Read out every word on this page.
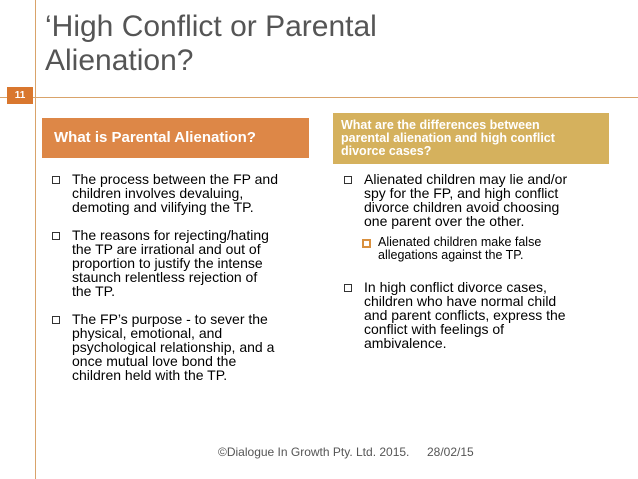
11
‘High Conflict or Parental
Alienation?
What is Parental Alienation?
What are the differences between
parental alienation and high conflict
divorce cases?
The process between the FP and
children involves devaluing,
demoting and vilifying the TP.
The reasons for rejecting/hating
the TP are irrational and out of
proportion to justify the intense
staunch relentless rejection of
the TP.
The FP’s purpose - to sever the
physical, emotional, and
psychological relationship, and a
once mutual love bond the
children held with the TP.
Alienated children may lie and/or
spy for the FP, and high conflict
divorce children avoid choosing
one parent over the other.
Alienated children make false
allegations against the TP.
In high conflict divorce cases,
children who have normal child
and parent conflicts, express the
conflict with feelings of
ambivalence.
©Dialogue In Growth Pty. Ltd. 2015. 28/02/15
